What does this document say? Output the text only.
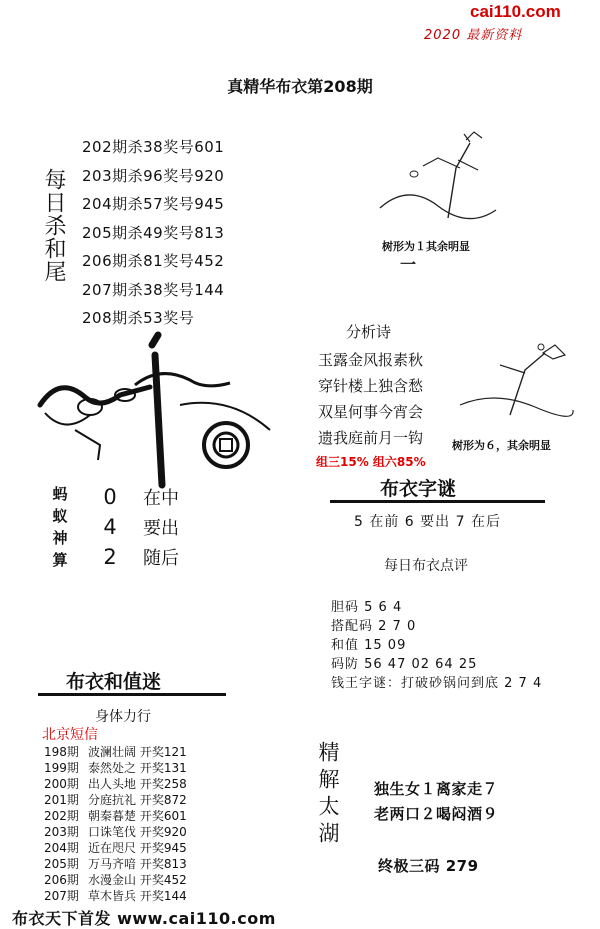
cai110.com
2020 最新资料
真精华布衣第208期
每日杀和尾
202期杀38奖号601
203期杀96奖号920
204期杀57奖号945
205期杀49奖号813
206期杀81奖号452
207期杀38奖号144
208期杀53奖号
树形为１其余明显
一
分析诗
玉露金风报素秋
穿针楼上独含愁
双星何事今宵会
遗我庭前月一钩
组三15% 组六85%
树形为６，其余明显
蚂蚁神算
0
4
2
在中
要出
随后
布衣字谜
5 在前 6 要出 7 在后
每日布衣点评
胆码 5 6 4
搭配码 2 7 0
和值 15 09
码防 56 47 02 64 25
钱王字谜：打破砂锅问到底 2 7 4
布衣和值迷
身体力行
北京短信
198期 波澜壮阔 开奖121
199期 泰然处之 开奖131
200期 出人头地 开奖258
201期 分庭抗礼 开奖872
202期 朝秦暮楚 开奖601
203期 口诛笔伐 开奖920
204期 近在咫尺 开奖945
205期 万马齐喑 开奖813
206期 水漫金山 开奖452
207期 草木皆兵 开奖144
精解太湖 独生女１离家走７
老两口２喝闷酒９
终极三码 279
布衣天下首发 www.cai110.com
